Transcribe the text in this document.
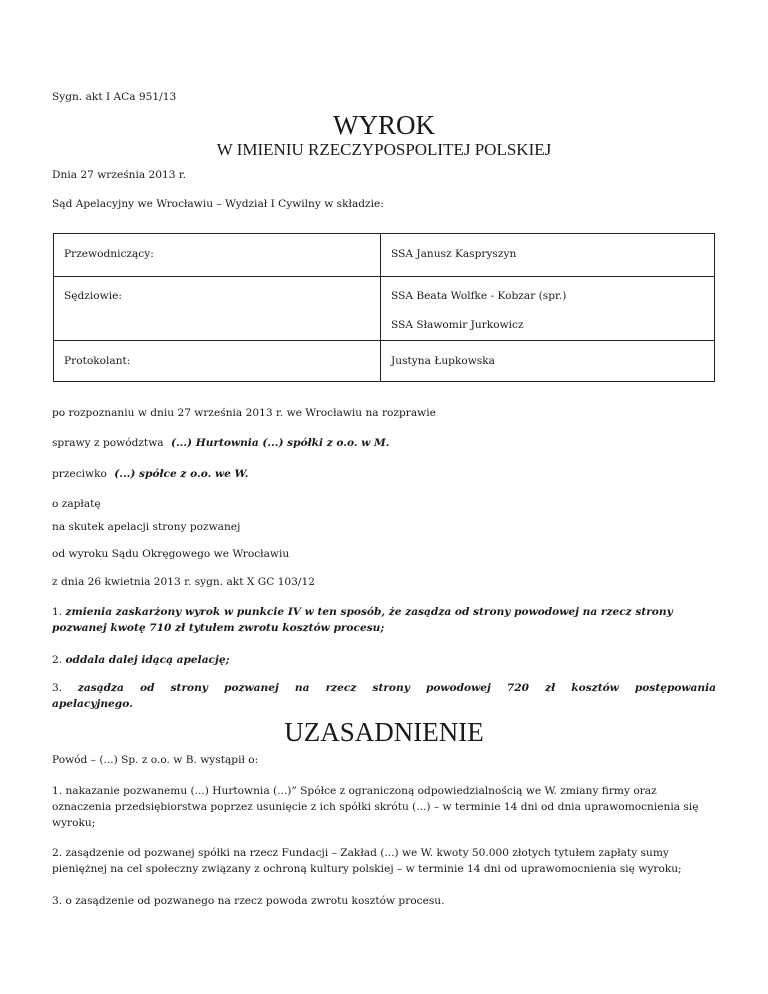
Sygn. akt I ACa 951/13
WYROK
W IMIENIU RZECZYPOSPOLITEJ POLSKIEJ
Dnia 27 września 2013 r.
Sąd Apelacyjny we Wrocławiu – Wydział I Cywilny w składzie:
Przewodniczący:	SSA Janusz Kaspryszyn

Sędziowie:	SSA Beata Wolfke - Kobzar (spr.)
SSA Sławomir Jurkowicz

Protokolant:	Justyna Łupkowska
po rozpoznaniu w dniu 27 września 2013 r. we Wrocławiu na rozprawie
sprawy z powództwa (...) Hurtownia (...) spółki z o.o. w M.
przeciwko (...) spółce z o.o. we W.
o zapłatę
na skutek apelacji strony pozwanej
od wyroku Sądu Okręgowego we Wrocławiu
z dnia 26 kwietnia 2013 r. sygn. akt X GC 103/12
1. zmienia zaskarżony wyrok w punkcie IV w ten sposób, że zasądza od strony powodowej na rzecz strony pozwanej kwotę 710 zł tytułem zwrotu kosztów procesu;
2. oddala dalej idącą apelację;
3. zasądza od strony pozwanej na rzecz strony powodowej 720 zł kosztów postępowania apelacyjnego.
UZASADNIENIE
Powód – (...) Sp. z o.o. w B. wystąpił o:
1. nakazanie pozwanemu (...) Hurtownia (...)” Spółce z ograniczoną odpowiedzialnością we W. zmiany firmy oraz oznaczenia przedsiębiorstwa poprzez usunięcie z ich spółki skrótu (...) – w terminie 14 dni od dnia uprawomocnienia się wyroku;
2. zasądzenie od pozwanej spółki na rzecz Fundacji – Zakład (...) we W. kwoty 50.000 złotych tytułem zapłaty sumy pieniężnej na cel społeczny związany z ochroną kultury polskiej – w terminie 14 dni od uprawomocnienia się wyroku;
3. o zasądzenie od pozwanego na rzecz powoda zwrotu kosztów procesu.
